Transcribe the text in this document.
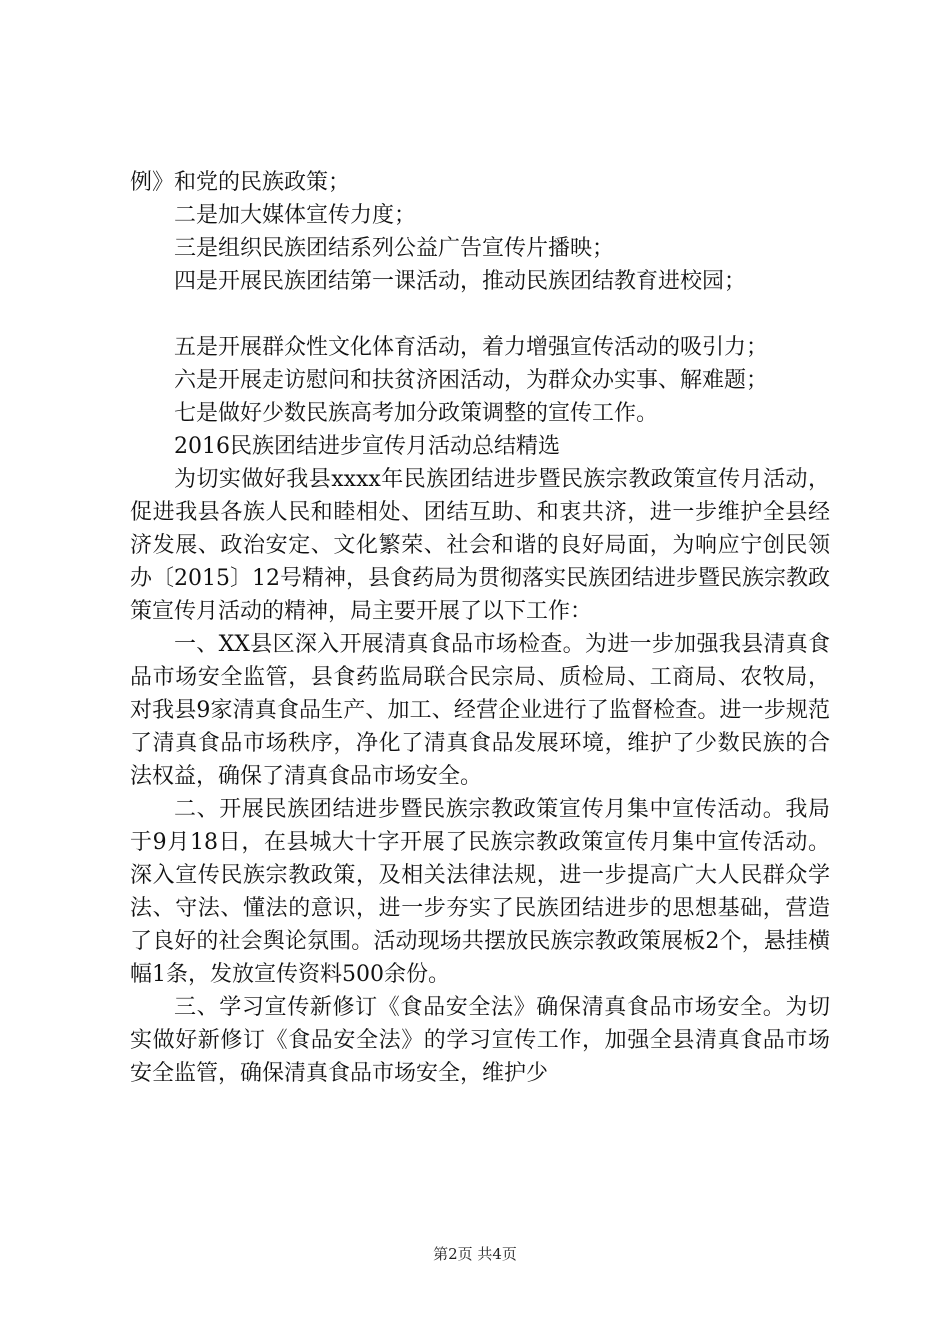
例》和党的民族政策；

二是加大媒体宣传力度；

三是组织民族团结系列公益广告宣传片播映；

四是开展民族团结第一课活动，推动民族团结教育进校园；

五是开展群众性文化体育活动，着力增强宣传活动的吸引力；

六是开展走访慰问和扶贫济困活动，为群众办实事、解难题；

七是做好少数民族高考加分政策调整的宣传工作。

2016民族团结进步宣传月活动总结精选

为切实做好我县xxxx年民族团结进步暨民族宗教政策宣传月活动，促进我县各族人民和睦相处、团结互助、和衷共济，进一步维护全县经济发展、政治安定、文化繁荣、社会和谐的良好局面，为响应宁创民领办〔2015〕12号精神，县食药局为贯彻落实民族团结进步暨民族宗教政策宣传月活动的精神，局主要开展了以下工作：

一、XX县区深入开展清真食品市场检查。为进一步加强我县清真食品市场安全监管，县食药监局联合民宗局、质检局、工商局、农牧局，对我县9家清真食品生产、加工、经营企业进行了监督检查。进一步规范了清真食品市场秩序，净化了清真食品发展环境，维护了少数民族的合法权益，确保了清真食品市场安全。

二、开展民族团结进步暨民族宗教政策宣传月集中宣传活动。我局于9月18日，在县城大十字开展了民族宗教政策宣传月集中宣传活动。深入宣传民族宗教政策，及相关法律法规，进一步提高广大人民群众学法、守法、懂法的意识，进一步夯实了民族团结进步的思想基础，营造了良好的社会舆论氛围。活动现场共摆放民族宗教政策展板2个，悬挂横幅1条，发放宣传资料500余份。

三、学习宣传新修订《食品安全法》确保清真食品市场安全。为切实做好新修订《食品安全法》的学习宣传工作，加强全县清真食品市场安全监管，确保清真食品市场安全，维护少

第2页 共4页
